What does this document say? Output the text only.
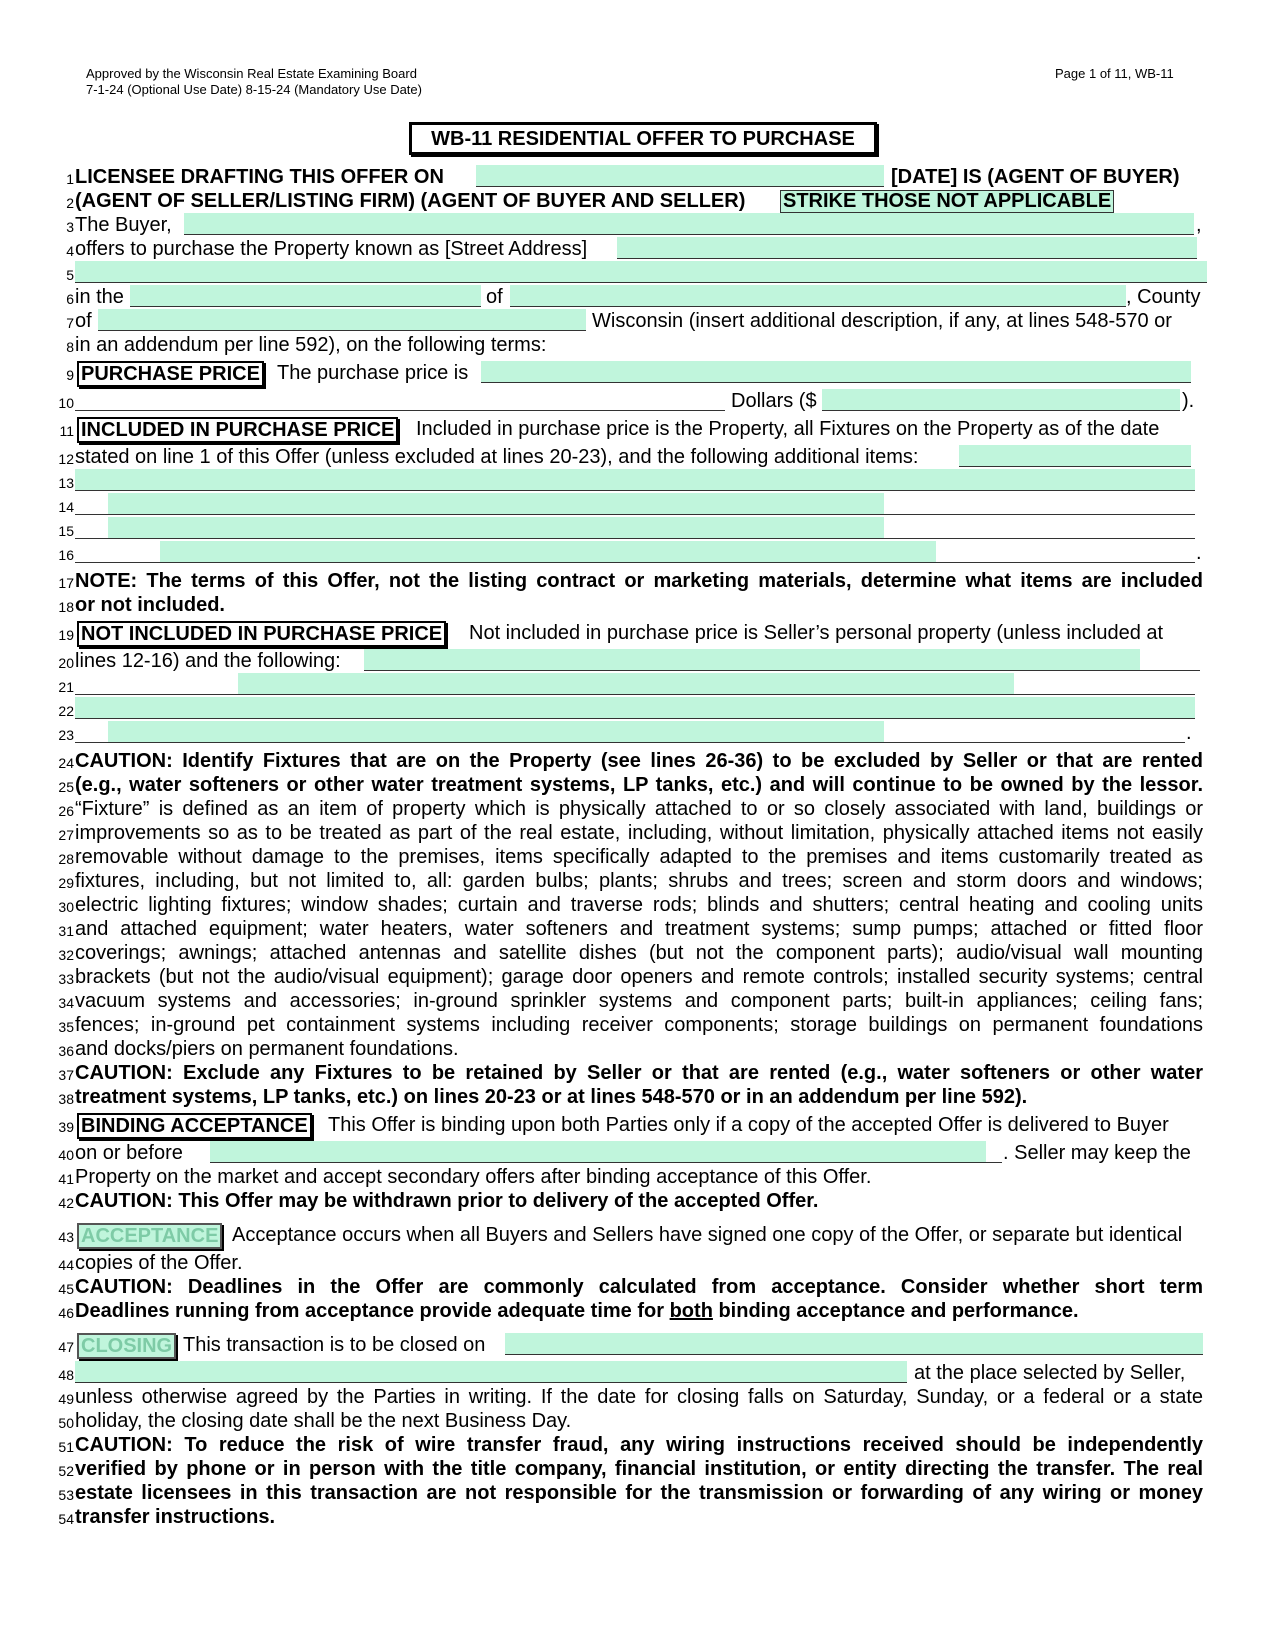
Approved by the Wisconsin Real Estate Examining Board
7-1-24 (Optional Use Date) 8-15-24 (Mandatory Use Date)
Page 1 of 11, WB-11
WB-11 RESIDENTIAL OFFER TO PURCHASE
1
2
3
4
5
6
7
8
9
10
11
12
13
14
15
16
17
18
19
20
21
22
23
24
25
26
27
28
29
30
31
32
33
34
35
36
37
38
39
40
41
42
43
44
45
46
47
48
49
50
51
52
53
54
LICENSEE DRAFTING THIS OFFER ON	[DATE] IS (AGENT OF BUYER)
(AGENT OF SELLER/LISTING FIRM) (AGENT OF BUYER AND SELLER) STRIKE THOSE NOT APPLICABLE
The Buyer,	,
offers to purchase the Property known as [Street Address]
in the	of	, County
of	Wisconsin (insert additional description, if any, at lines 548-570 or
in an addendum per line 592), on the following terms:
PURCHASE PRICE The purchase price is
Dollars ($	).
INCLUDED IN PURCHASE PRICE Included in purchase price is the Property, all Fixtures on the Property as of the date
stated on line 1 of this Offer (unless excluded at lines 20-23), and the following additional items:
.
NOTE: The terms of this Offer, not the listing contract or marketing materials, determine what items are included
or not included.
NOT INCLUDED IN PURCHASE PRICE Not included in purchase price is Seller’s personal property (unless included at
lines 12-16) and the following:
.
CAUTION: Identify Fixtures that are on the Property (see lines 26-36) to be excluded by Seller or that are rented
(e.g., water softeners or other water treatment systems, LP tanks, etc.) and will continue to be owned by the lessor.
“Fixture” is defined as an item of property which is physically attached to or so closely associated with land, buildings or
improvements so as to be treated as part of the real estate, including, without limitation, physically attached items not easily
removable without damage to the premises, items specifically adapted to the premises and items customarily treated as
fixtures, including, but not limited to, all: garden bulbs; plants; shrubs and trees; screen and storm doors and windows;
electric lighting fixtures; window shades; curtain and traverse rods; blinds and shutters; central heating and cooling units
and attached equipment; water heaters, water softeners and treatment systems; sump pumps; attached or fitted floor
coverings; awnings; attached antennas and satellite dishes (but not the component parts); audio/visual wall mounting
brackets (but not the audio/visual equipment); garage door openers and remote controls; installed security systems; central
vacuum systems and accessories; in-ground sprinkler systems and component parts; built-in appliances; ceiling fans;
fences; in-ground pet containment systems including receiver components; storage buildings on permanent foundations
and docks/piers on permanent foundations.
CAUTION: Exclude any Fixtures to be retained by Seller or that are rented (e.g., water softeners or other water
treatment systems, LP tanks, etc.) on lines 20-23 or at lines 548-570 or in an addendum per line 592).
BINDING ACCEPTANCE This Offer is binding upon both Parties only if a copy of the accepted Offer is delivered to Buyer
on or before	. Seller may keep the
Property on the market and accept secondary offers after binding acceptance of this Offer.
CAUTION: This Offer may be withdrawn prior to delivery of the accepted Offer.
ACCEPTANCE Acceptance occurs when all Buyers and Sellers have signed one copy of the Offer, or separate but identical
copies of the Offer.
CAUTION: Deadlines in the Offer are commonly calculated from acceptance. Consider whether short term
Deadlines running from acceptance provide adequate time for both binding acceptance and performance.
CLOSING This transaction is to be closed on
at the place selected by Seller,
unless otherwise agreed by the Parties in writing. If the date for closing falls on Saturday, Sunday, or a federal or a state
holiday, the closing date shall be the next Business Day.
CAUTION: To reduce the risk of wire transfer fraud, any wiring instructions received should be independently
verified by phone or in person with the title company, financial institution, or entity directing the transfer. The real
estate licensees in this transaction are not responsible for the transmission or forwarding of any wiring or money
transfer instructions.
